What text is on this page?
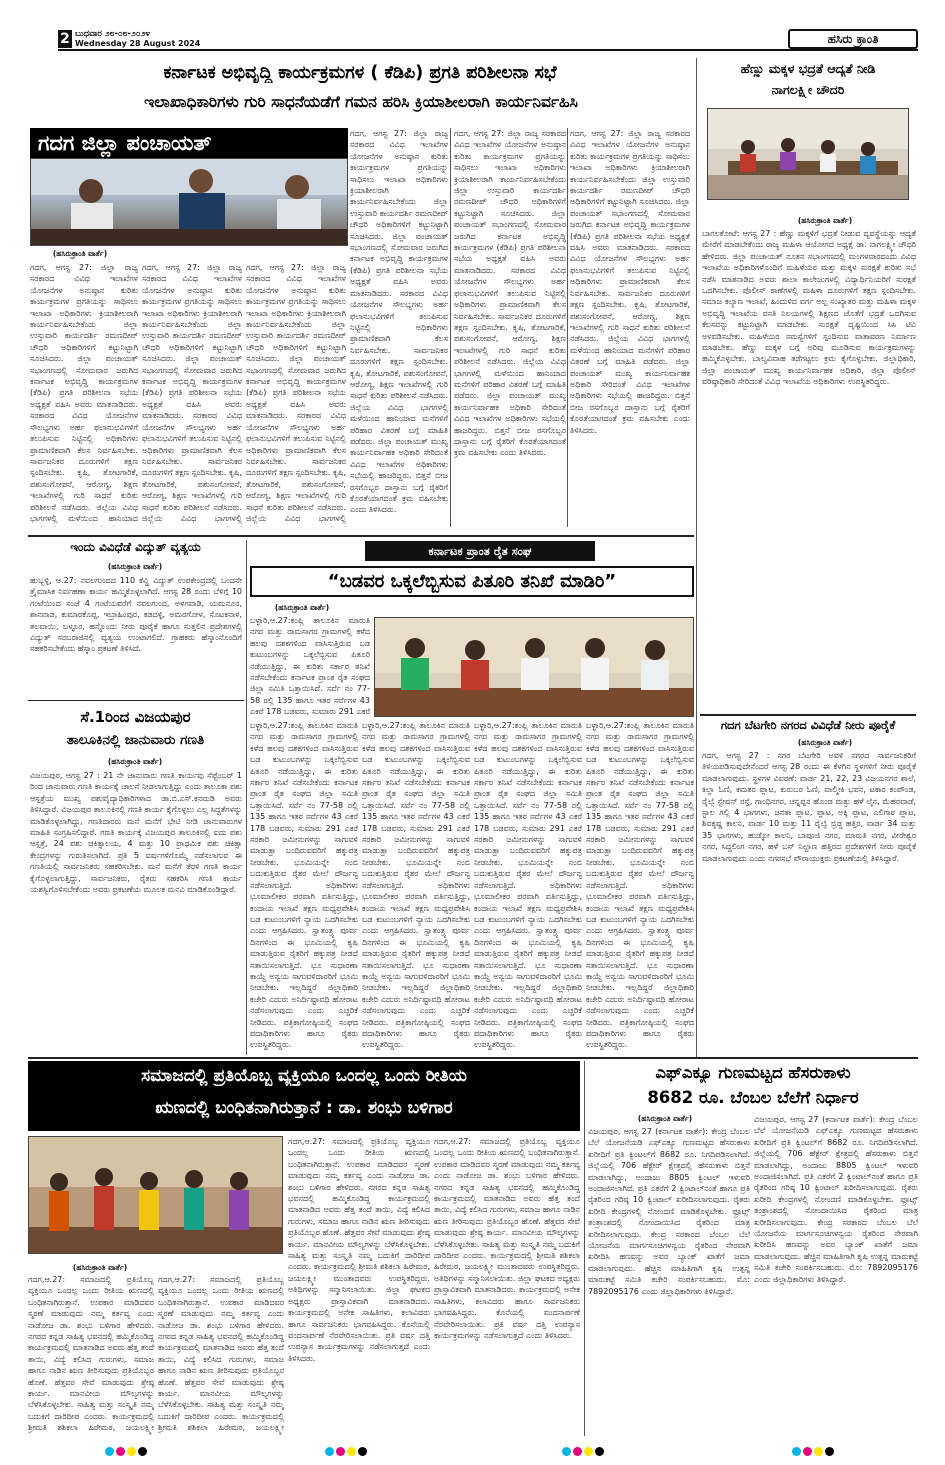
2 ಬುಧವಾರ ೨೮-೦೮-೨೦೨೪
Wednesday 28 August 2024	ಹಸಿರು ಕ್ರಾಂತಿ
ಕರ್ನಾಟಕ ಅಭಿವೃದ್ಧಿ ಕಾರ್ಯಕ್ರಮಗಳ ( ಕೆಡಿಪಿ) ಪ್ರಗತಿ ಪರಿಶೀಲನಾ ಸಭೆ
ಇಲಾಖಾಧಿಕಾರಿಗಳು ಗುರಿ ಸಾಧನೆಯಡೆಗೆ ಗಮನ ಹರಿಸಿ ಕ್ರಿಯಾಶೀಲರಾಗಿ ಕಾರ್ಯನಿರ್ವಹಿಸಿ
ಗದಗ ಜಿಲ್ಲಾ ಪಂಚಾಯತ್
(ಹಸಿರುಕ್ರಾಂತಿ ವಾರ್ತೆ)
ಗದಗ, ಆಗಸ್ಟ 27: ಜಿಲ್ಲಾ ರಾಜ್ಯ ಸರಕಾರದ ವಿವಿಧ ಇಲಾಖೆಗಳ ಯೋಜನೆಗಳ ಅನುಷ್ಠಾನ ಕುರಿತು ಕಾರ್ಯಕ್ರಮಗಳ ಪ್ರಗತಿಯನ್ನು ಸಾಧಿಸಲು ಇಲಾಖಾ ಅಧಿಕಾರಿಗಳು ಕ್ರಿಯಾಶೀಲರಾಗಿ ಕಾರ್ಯನಿರ್ವಹಿಸಬೇಕೆಂದು ಜಿಲ್ಲಾ ಉಸ್ತುವಾರಿ ಕಾರ್ಯದರ್ಶಿ ರಮಣದೀಪ್ ಚೌಧರಿ ಅಧಿಕಾರಿಗಳಿಗೆ ಕಟ್ಟುನಿಟ್ಟಾಗಿ ಸೂಚಿಸಿದರು. ಜಿಲ್ಲಾ ಪಂಚಾಯತ್ ಸಭಾಂಗಣದಲ್ಲಿ ಸೋಮವಾರ ಜರುಗಿದ ಕರ್ನಾಟಕ ಅಭಿವೃದ್ಧಿ ಕಾರ್ಯಕ್ರಮಗಳ (ಕೆಡಿಪಿ) ಪ್ರಗತಿ ಪರಿಶೀಲನಾ ಸಭೆಯ ಅಧ್ಯಕ್ಷತೆ ವಹಿಸಿ ಅವರು ಮಾತನಾಡಿದರು. ಸರಕಾರದ ವಿವಿಧ ಯೋಜನೆಗಳ ಸೌಲಭ್ಯಗಳು ಅರ್ಹ ಫಲಾನುಭವಿಗಳಿಗೆ ತಲುಪಿಸುವ ನಿಟ್ಟಿನಲ್ಲಿ ಅಧಿಕಾರಿಗಳು ಪ್ರಾಮಾಣಿಕವಾಗಿ ಕೆಲಸ ನಿರ್ವಹಿಸಬೇಕು. ಸಾರ್ವಜನಿಕರ ದೂರುಗಳಿಗೆ ತಕ್ಷಣ ಸ್ಪಂದಿಸಬೇಕು. ಕೃಷಿ, ತೋಟಗಾರಿಕೆ, ಪಶುಸಂಗೋಪನೆ, ಆರೋಗ್ಯ, ಶಿಕ್ಷಣ ಇಲಾಖೆಗಳಲ್ಲಿ ಗುರಿ ಸಾಧನೆ ಕುರಿತು ಪರಿಶೀಲನೆ ನಡೆಸಿದರು. ಜಿಲ್ಲೆಯ ವಿವಿಧ ಭಾಗಗಳಲ್ಲಿ ಮಳೆಯಿಂದ ಹಾನಿಯಾದ
ಗದಗ, ಆಗಸ್ಟ 27: ಜಿಲ್ಲಾ ರಾಜ್ಯ ಸರಕಾರದ ವಿವಿಧ ಇಲಾಖೆಗಳ ಯೋಜನೆಗಳ ಅನುಷ್ಠಾನ ಕುರಿತು ಕಾರ್ಯಕ್ರಮಗಳ ಪ್ರಗತಿಯನ್ನು ಸಾಧಿಸಲು ಇಲಾಖಾ ಅಧಿಕಾರಿಗಳು ಕ್ರಿಯಾಶೀಲರಾಗಿ ಕಾರ್ಯನಿರ್ವಹಿಸಬೇಕೆಂದು ಜಿಲ್ಲಾ ಉಸ್ತುವಾರಿ ಕಾರ್ಯದರ್ಶಿ ರಮಣದೀಪ್ ಚೌಧರಿ ಅಧಿಕಾರಿಗಳಿಗೆ ಕಟ್ಟುನಿಟ್ಟಾಗಿ ಸೂಚಿಸಿದರು. ಜಿಲ್ಲಾ ಪಂಚಾಯತ್ ಸಭಾಂಗಣದಲ್ಲಿ ಸೋಮವಾರ ಜರುಗಿದ ಕರ್ನಾಟಕ ಅಭಿವೃದ್ಧಿ ಕಾರ್ಯಕ್ರಮಗಳ (ಕೆಡಿಪಿ) ಪ್ರಗತಿ ಪರಿಶೀಲನಾ ಸಭೆಯ ಅಧ್ಯಕ್ಷತೆ ವಹಿಸಿ ಅವರು ಮಾತನಾಡಿದರು. ಸರಕಾರದ ವಿವಿಧ ಯೋಜನೆಗಳ ಸೌಲಭ್ಯಗಳು ಅರ್ಹ ಫಲಾನುಭವಿಗಳಿಗೆ ತಲುಪಿಸುವ ನಿಟ್ಟಿನಲ್ಲಿ ಅಧಿಕಾರಿಗಳು ಪ್ರಾಮಾಣಿಕವಾಗಿ ಕೆಲಸ ನಿರ್ವಹಿಸಬೇಕು. ಸಾರ್ವಜನಿಕರ ದೂರುಗಳಿಗೆ ತಕ್ಷಣ ಸ್ಪಂದಿಸಬೇಕು. ಕೃಷಿ, ತೋಟಗಾರಿಕೆ, ಪಶುಸಂಗೋಪನೆ, ಆರೋಗ್ಯ, ಶಿಕ್ಷಣ ಇಲಾಖೆಗಳಲ್ಲಿ ಗುರಿ ಸಾಧನೆ ಕುರಿತು ಪರಿಶೀಲನೆ ನಡೆಸಿದರು. ಜಿಲ್ಲೆಯ ವಿವಿಧ ಭಾಗಗಳಲ್ಲಿ
ಗದಗ, ಆಗಸ್ಟ 27: ಜಿಲ್ಲಾ ರಾಜ್ಯ ಸರಕಾರದ ವಿವಿಧ ಇಲಾಖೆಗಳ ಯೋಜನೆಗಳ ಅನುಷ್ಠಾನ ಕುರಿತು ಕಾರ್ಯಕ್ರಮಗಳ ಪ್ರಗತಿಯನ್ನು ಸಾಧಿಸಲು ಇಲಾಖಾ ಅಧಿಕಾರಿಗಳು ಕ್ರಿಯಾಶೀಲರಾಗಿ ಕಾರ್ಯನಿರ್ವಹಿಸಬೇಕೆಂದು ಜಿಲ್ಲಾ ಉಸ್ತುವಾರಿ ಕಾರ್ಯದರ್ಶಿ ರಮಣದೀಪ್ ಚೌಧರಿ ಅಧಿಕಾರಿಗಳಿಗೆ ಕಟ್ಟುನಿಟ್ಟಾಗಿ ಸೂಚಿಸಿದರು. ಜಿಲ್ಲಾ ಪಂಚಾಯತ್ ಸಭಾಂಗಣದಲ್ಲಿ ಸೋಮವಾರ ಜರುಗಿದ ಕರ್ನಾಟಕ ಅಭಿವೃದ್ಧಿ ಕಾರ್ಯಕ್ರಮಗಳ (ಕೆಡಿಪಿ) ಪ್ರಗತಿ ಪರಿಶೀಲನಾ ಸಭೆಯ ಅಧ್ಯಕ್ಷತೆ ವಹಿಸಿ ಅವರು ಮಾತನಾಡಿದರು. ಸರಕಾರದ ವಿವಿಧ ಯೋಜನೆಗಳ ಸೌಲಭ್ಯಗಳು ಅರ್ಹ ಫಲಾನುಭವಿಗಳಿಗೆ ತಲುಪಿಸುವ ನಿಟ್ಟಿನಲ್ಲಿ ಅಧಿಕಾರಿಗಳು ಪ್ರಾಮಾಣಿಕವಾಗಿ ಕೆಲಸ ನಿರ್ವಹಿಸಬೇಕು. ಸಾರ್ವಜನಿಕರ ದೂರುಗಳಿಗೆ ತಕ್ಷಣ ಸ್ಪಂದಿಸಬೇಕು. ಕೃಷಿ, ತೋಟಗಾರಿಕೆ, ಪಶುಸಂಗೋಪನೆ, ಆರೋಗ್ಯ, ಶಿಕ್ಷಣ ಇಲಾಖೆಗಳಲ್ಲಿ ಗುರಿ ಸಾಧನೆ ಕುರಿತು ಪರಿಶೀಲನೆ ನಡೆಸಿದರು. ಜಿಲ್ಲೆಯ ವಿವಿಧ ಭಾಗಗಳಲ್ಲಿ
ಗದಗ, ಆಗಸ್ಟ 27: ಜಿಲ್ಲಾ ರಾಜ್ಯ ಸರಕಾರದ ವಿವಿಧ ಇಲಾಖೆಗಳ ಯೋಜನೆಗಳ ಅನುಷ್ಠಾನ ಕುರಿತು ಕಾರ್ಯಕ್ರಮಗಳ ಪ್ರಗತಿಯನ್ನು ಸಾಧಿಸಲು ಇಲಾಖಾ ಅಧಿಕಾರಿಗಳು ಕ್ರಿಯಾಶೀಲರಾಗಿ ಕಾರ್ಯನಿರ್ವಹಿಸಬೇಕೆಂದು ಜಿಲ್ಲಾ ಉಸ್ತುವಾರಿ ಕಾರ್ಯದರ್ಶಿ ರಮಣದೀಪ್ ಚೌಧರಿ ಅಧಿಕಾರಿಗಳಿಗೆ ಕಟ್ಟುನಿಟ್ಟಾಗಿ ಸೂಚಿಸಿದರು. ಜಿಲ್ಲಾ ಪಂಚಾಯತ್ ಸಭಾಂಗಣದಲ್ಲಿ ಸೋಮವಾರ ಜರುಗಿದ ಕರ್ನಾಟಕ ಅಭಿವೃದ್ಧಿ ಕಾರ್ಯಕ್ರಮಗಳ (ಕೆಡಿಪಿ) ಪ್ರಗತಿ ಪರಿಶೀಲನಾ ಸಭೆಯ ಅಧ್ಯಕ್ಷತೆ ವಹಿಸಿ ಅವರು ಮಾತನಾಡಿದರು. ಸರಕಾರದ ವಿವಿಧ ಯೋಜನೆಗಳ ಸೌಲಭ್ಯಗಳು ಅರ್ಹ ಫಲಾನುಭವಿಗಳಿಗೆ ತಲುಪಿಸುವ ನಿಟ್ಟಿನಲ್ಲಿ ಅಧಿಕಾರಿಗಳು ಪ್ರಾಮಾಣಿಕವಾಗಿ ಕೆಲಸ ನಿರ್ವಹಿಸಬೇಕು. ಸಾರ್ವಜನಿಕರ ದೂರುಗಳಿಗೆ ತಕ್ಷಣ ಸ್ಪಂದಿಸಬೇಕು. ಕೃಷಿ, ತೋಟಗಾರಿಕೆ, ಪಶುಸಂಗೋಪನೆ, ಆರೋಗ್ಯ, ಶಿಕ್ಷಣ ಇಲಾಖೆಗಳಲ್ಲಿ ಗುರಿ ಸಾಧನೆ ಕುರಿತು ಪರಿಶೀಲನೆ ನಡೆಸಿದರು. ಜಿಲ್ಲೆಯ ವಿವಿಧ ಭಾಗಗಳಲ್ಲಿ ಮಳೆಯಿಂದ ಹಾನಿಯಾದ ಮನೆಗಳಿಗೆ ಪರಿಹಾರ ವಿತರಣೆ ಬಗ್ಗೆ ಮಾಹಿತಿ ಪಡೆದರು. ಜಿಲ್ಲಾ ಪಂಚಾಯತ್ ಮುಖ್ಯ ಕಾರ್ಯನಿರ್ವಾಹಕ ಅಧಿಕಾರಿ ಸೇರಿದಂತೆ ವಿವಿಧ ಇಲಾಖೆಗಳ ಅಧಿಕಾರಿಗಳು ಸಭೆಯಲ್ಲಿ ಹಾಜರಿದ್ದರು. ಬಿತ್ತನೆ ಬೀಜ ರಸಗೊಬ್ಬರ ದಾಸ್ತಾನು ಬಗ್ಗೆ ರೈತರಿಗೆ ಕೊರತೆಯಾಗದಂತೆ ಕ್ರಮ ವಹಿಸಬೇಕು ಎಂದು ತಿಳಿಸಿದರು.
ಗದಗ, ಆಗಸ್ಟ 27: ಜಿಲ್ಲಾ ರಾಜ್ಯ ಸರಕಾರದ ವಿವಿಧ ಇಲಾಖೆಗಳ ಯೋಜನೆಗಳ ಅನುಷ್ಠಾನ ಕುರಿತು ಕಾರ್ಯಕ್ರಮಗಳ ಪ್ರಗತಿಯನ್ನು ಸಾಧಿಸಲು ಇಲಾಖಾ ಅಧಿಕಾರಿಗಳು ಕ್ರಿಯಾಶೀಲರಾಗಿ ಕಾರ್ಯನಿರ್ವಹಿಸಬೇಕೆಂದು ಜಿಲ್ಲಾ ಉಸ್ತುವಾರಿ ಕಾರ್ಯದರ್ಶಿ ರಮಣದೀಪ್ ಚೌಧರಿ ಅಧಿಕಾರಿಗಳಿಗೆ ಕಟ್ಟುನಿಟ್ಟಾಗಿ ಸೂಚಿಸಿದರು. ಜಿಲ್ಲಾ ಪಂಚಾಯತ್ ಸಭಾಂಗಣದಲ್ಲಿ ಸೋಮವಾರ ಜರುಗಿದ ಕರ್ನಾಟಕ ಅಭಿವೃದ್ಧಿ ಕಾರ್ಯಕ್ರಮಗಳ (ಕೆಡಿಪಿ) ಪ್ರಗತಿ ಪರಿಶೀಲನಾ ಸಭೆಯ ಅಧ್ಯಕ್ಷತೆ ವಹಿಸಿ ಅವರು ಮಾತನಾಡಿದರು. ಸರಕಾರದ ವಿವಿಧ ಯೋಜನೆಗಳ ಸೌಲಭ್ಯಗಳು ಅರ್ಹ ಫಲಾನುಭವಿಗಳಿಗೆ ತಲುಪಿಸುವ ನಿಟ್ಟಿನಲ್ಲಿ ಅಧಿಕಾರಿಗಳು ಪ್ರಾಮಾಣಿಕವಾಗಿ ಕೆಲಸ ನಿರ್ವಹಿಸಬೇಕು. ಸಾರ್ವಜನಿಕರ ದೂರುಗಳಿಗೆ ತಕ್ಷಣ ಸ್ಪಂದಿಸಬೇಕು. ಕೃಷಿ, ತೋಟಗಾರಿಕೆ, ಪಶುಸಂಗೋಪನೆ, ಆರೋಗ್ಯ, ಶಿಕ್ಷಣ ಇಲಾಖೆಗಳಲ್ಲಿ ಗುರಿ ಸಾಧನೆ ಕುರಿತು ಪರಿಶೀಲನೆ ನಡೆಸಿದರು. ಜಿಲ್ಲೆಯ ವಿವಿಧ ಭಾಗಗಳಲ್ಲಿ ಮಳೆಯಿಂದ ಹಾನಿಯಾದ ಮನೆಗಳಿಗೆ ಪರಿಹಾರ ವಿತರಣೆ ಬಗ್ಗೆ ಮಾಹಿತಿ ಪಡೆದರು. ಜಿಲ್ಲಾ ಪಂಚಾಯತ್ ಮುಖ್ಯ ಕಾರ್ಯನಿರ್ವಾಹಕ ಅಧಿಕಾರಿ ಸೇರಿದಂತೆ ವಿವಿಧ ಇಲಾಖೆಗಳ ಅಧಿಕಾರಿಗಳು ಸಭೆಯಲ್ಲಿ ಹಾಜರಿದ್ದರು. ಬಿತ್ತನೆ ಬೀಜ ರಸಗೊಬ್ಬರ ದಾಸ್ತಾನು ಬಗ್ಗೆ ರೈತರಿಗೆ ಕೊರತೆಯಾಗದಂತೆ ಕ್ರಮ ವಹಿಸಬೇಕು ಎಂದು ತಿಳಿಸಿದರು.
ಗದಗ, ಆಗಸ್ಟ 27: ಜಿಲ್ಲಾ ರಾಜ್ಯ ಸರಕಾರದ ವಿವಿಧ ಇಲಾಖೆಗಳ ಯೋಜನೆಗಳ ಅನುಷ್ಠಾನ ಕುರಿತು ಕಾರ್ಯಕ್ರಮಗಳ ಪ್ರಗತಿಯನ್ನು ಸಾಧಿಸಲು ಇಲಾಖಾ ಅಧಿಕಾರಿಗಳು ಕ್ರಿಯಾಶೀಲರಾಗಿ ಕಾರ್ಯನಿರ್ವಹಿಸಬೇಕೆಂದು ಜಿಲ್ಲಾ ಉಸ್ತುವಾರಿ ಕಾರ್ಯದರ್ಶಿ ರಮಣದೀಪ್ ಚೌಧರಿ ಅಧಿಕಾರಿಗಳಿಗೆ ಕಟ್ಟುನಿಟ್ಟಾಗಿ ಸೂಚಿಸಿದರು. ಜಿಲ್ಲಾ ಪಂಚಾಯತ್ ಸಭಾಂಗಣದಲ್ಲಿ ಸೋಮವಾರ ಜರುಗಿದ ಕರ್ನಾಟಕ ಅಭಿವೃದ್ಧಿ ಕಾರ್ಯಕ್ರಮಗಳ (ಕೆಡಿಪಿ) ಪ್ರಗತಿ ಪರಿಶೀಲನಾ ಸಭೆಯ ಅಧ್ಯಕ್ಷತೆ ವಹಿಸಿ ಅವರು ಮಾತನಾಡಿದರು. ಸರಕಾರದ ವಿವಿಧ ಯೋಜನೆಗಳ ಸೌಲಭ್ಯಗಳು ಅರ್ಹ ಫಲಾನುಭವಿಗಳಿಗೆ ತಲುಪಿಸುವ ನಿಟ್ಟಿನಲ್ಲಿ ಅಧಿಕಾರಿಗಳು ಪ್ರಾಮಾಣಿಕವಾಗಿ ಕೆಲಸ ನಿರ್ವಹಿಸಬೇಕು. ಸಾರ್ವಜನಿಕರ ದೂರುಗಳಿಗೆ ತಕ್ಷಣ ಸ್ಪಂದಿಸಬೇಕು. ಕೃಷಿ, ತೋಟಗಾರಿಕೆ, ಪಶುಸಂಗೋಪನೆ, ಆರೋಗ್ಯ, ಶಿಕ್ಷಣ ಇಲಾಖೆಗಳಲ್ಲಿ ಗುರಿ ಸಾಧನೆ ಕುರಿತು ಪರಿಶೀಲನೆ ನಡೆಸಿದರು. ಜಿಲ್ಲೆಯ ವಿವಿಧ ಭಾಗಗಳಲ್ಲಿ ಮಳೆಯಿಂದ ಹಾನಿಯಾದ ಮನೆಗಳಿಗೆ ಪರಿಹಾರ ವಿತರಣೆ ಬಗ್ಗೆ ಮಾಹಿತಿ ಪಡೆದರು. ಜಿಲ್ಲಾ ಪಂಚಾಯತ್ ಮುಖ್ಯ ಕಾರ್ಯನಿರ್ವಾಹಕ ಅಧಿಕಾರಿ ಸೇರಿದಂತೆ ವಿವಿಧ ಇಲಾಖೆಗಳ ಅಧಿಕಾರಿಗಳು ಸಭೆಯಲ್ಲಿ ಹಾಜರಿದ್ದರು. ಬಿತ್ತನೆ ಬೀಜ ರಸಗೊಬ್ಬರ ದಾಸ್ತಾನು ಬಗ್ಗೆ ರೈತರಿಗೆ ಕೊರತೆಯಾಗದಂತೆ ಕ್ರಮ ವಹಿಸಬೇಕು ಎಂದು ತಿಳಿಸಿದರು.
ಹೆಣ್ಣು ಮಕ್ಕಳ ಭದ್ರತೆ ಆದ್ಯತೆ ನೀಡಿ
ನಾಗಲಕ್ಷ್ಮೀ ಚೌದರಿ
(ಹಸಿರುಕ್ರಾಂತಿ ವಾರ್ತೆ)
ಬಾಗಲಕೋಟೆ: ಆಗಸ್ಟ 27 : ಹೆಣ್ಣು ಮಕ್ಕಳಿಗೆ ಭದ್ರತೆ ನೀಡುವ ವ್ಯವಸ್ಥೆಯನ್ನು ಆದ್ಯತೆ ಮೇರೆಗೆ ಮಾಡಬೇಕೆಂದು ರಾಜ್ಯ ಮಹಿಳಾ ಆಯೋಗದ ಅಧ್ಯಕ್ಷೆ ಡಾ. ನಾಗಲಕ್ಷ್ಮೀ ಚೌಧರಿ ಹೇಳಿದರು. ಜಿಲ್ಲಾ ಪಂಚಾಯತ್ ನೂತನ ಸಭಾಂಗಣದಲ್ಲಿ ಮಂಗಳವಾರದಂದು ವಿವಿಧ ಇಲಾಖೆಯ ಅಧಿಕಾರಿಗಳೊಂದಿಗೆ ಮಹಿಳೆಯರ ಮತ್ತು ಮಕ್ಕಳ ಸುರಕ್ಷತೆ ಕುರಿತು ಸಭೆ ನಡೆಸಿ ಮಾತನಾಡಿದ ಅವರು ಶಾಲಾ ಕಾಲೇಜುಗಳಲ್ಲಿ ವಿದ್ಯಾರ್ಥಿನಿಯರಿಗೆ ಸುರಕ್ಷತೆ ಒದಗಿಸಬೇಕು. ಪೊಲೀಸ್ ಠಾಣೆಗಳಲ್ಲಿ ಮಹಿಳಾ ದೂರುಗಳಿಗೆ ತಕ್ಷಣ ಸ್ಪಂದಿಸಬೇಕು. ಸಮಾಜ ಕಲ್ಯಾಣ ಇಲಾಖೆ, ಹಿಂದುಳಿದ ವರ್ಗ ಅಲ್ಪ ಸಂಖ್ಯಾತರ ಮತ್ತು ಮಹಿಳಾ ಮಕ್ಕಳ ಅಭಿವೃದ್ಧಿ ಇಲಾಖೆಯ ವಸತಿ ನಿಲಯಗಳಲ್ಲಿ ಶಿಕ್ಷಣದ ಜೊತೆಗೆ ಭದ್ರತೆ ಒದಗಿಸುವ ಕೆಲಸವನ್ನು ಕಟ್ಟುನಿಟ್ಟಾಗಿ ಮಾಡಬೇಕು. ಸುರಕ್ಷತೆ ದೃಷ್ಟಿಯಿಂದ ಸಿಸಿ ಟಿವಿ ಅಳವಡಿಸಬೇಕು. ಮಹಿಳೆಯರ ಸಮಸ್ಯೆಗಳಿಗೆ ಸ್ಪಂದಿಸುವ ವಾತಾವರಣ ನಿರ್ಮಾಣ ಮಾಡಬೇಕು. ಹೆಣ್ಣು ಮಕ್ಕಳ ಬಗ್ಗೆ ಅರಿವು ಮೂಡಿಸುವ ಕಾರ್ಯಕ್ರಮಗಳನ್ನು ಹಮ್ಮಿಕೊಳ್ಳಬೇಕು. ಬಾಲ್ಯವಿವಾಹ ತಡೆಗಟ್ಟಲು ಕ್ರಮ ಕೈಗೊಳ್ಳಬೇಕು. ಜಿಲ್ಲಾಧಿಕಾರಿ, ಜಿಲ್ಲಾ ಪಂಚಾಯತ್ ಮುಖ್ಯ ಕಾರ್ಯನಿರ್ವಾಹಕ ಅಧಿಕಾರಿ, ಜಿಲ್ಲಾ ಪೊಲೀಸ್ ವರಿಷ್ಠಾಧಿಕಾರಿ ಸೇರಿದಂತೆ ವಿವಿಧ ಇಲಾಖೆಯ ಅಧಿಕಾರಿಗಳು ಉಪಸ್ಥಿತರಿದ್ದರು.
ಗದಗ ಬೆಟಗೇರಿ ನಗರದ ವಿವಿಧೆಡೆ ನೀರು ಪೂರೈಕೆ
(ಹಸಿರುಕ್ರಾಂತಿ ವಾರ್ತೆ)
ಗದಗ, ಆಗಸ್ಟ 27 : ನಗರ ಬೆಟಗೇರಿ ಅವಳಿ ನಗರದ ಸಾರ್ವಜನಿಕರಿಗೆ ತಿಳಿಯಪಡಿಸುವುದೇನೆಂದರೆ ಆಗಸ್ಟ 28 ರಂದು ಈ ಕೆಳಗಿನ ಸ್ಥಳಗಳಿಗೆ ನೀರು ಪೂರೈಕೆ ಮಾಡಲಾಗುವುದು. ಸ್ಥಳಗಳ ವಿವರಣೆ: ವಾರ್ಡ 21, 22, 23 ವಿಜಯನಗರ ಶಾಲೆ, ಕಿಲ್ಲಾ ಓಣಿ, ಕಮತರ ಪ್ಲಾಟ, ಕುರುಬರ ಓಣಿ, ವಾಲ್ಮೀಕಿ ಭವನ, ಟಕಾರ ಕಂಪೌಂಡ, ರೈಲ್ವೆ ಸ್ಟೇಷನ್ ರಸ್ತೆ, ಗಾಂಧಿನಗರ, ಚನ್ನಪ್ಪನ ಹೊಂಡ ಮತ್ತು ಹಳೆ ಲೈನ, ಮೆಹರವಾಡೆ, ಸ್ಟಾಲ ಗಲ್ಲಿ 4 ಭಾಗಗಳು, ಜನತಾ ಪ್ಲಾಟ, ಪ್ಲಾಟ, ಅಕ್ಕಿ ಪ್ಲಾಟ, ಎಲಿಗಾರ ಪ್ಲಾಟ, ಶಿವಕೃಷ್ಣ ಕಾಲನಿ, ವಾರ್ಡ 10 ಮತ್ತು 11 ರೈಲ್ವೆ ಬ್ರಿಡ್ಜ ಹತ್ತಿರ, ವಾರ್ಡ 34 ಮತ್ತು 35 ಭಾಗಗಳು, ಹುಡ್ಕೋ ಕಾಲನಿ, ಬಾಪೂಜಿ ನಗರ, ಮಾರುತಿ ನಗರ, ವೀರೇಶ್ವರ ನಗರ, ಸಿದ್ಧಲಿಂಗ ನಗರ, ಹಳೆ ಬಸ್ ನಿಲ್ದಾಣ ಹತ್ತಿರದ ಪ್ರದೇಶಗಳಿಗೆ ನೀರು ಪೂರೈಕೆ ಮಾಡಲಾಗುವುದು ಎಂದು ನಗರಸಭೆ ಪೌರಾಯುಕ್ತರು ಪ್ರಕಟಣೆಯಲ್ಲಿ ತಿಳಿಸಿದ್ದಾರೆ.
ಇಂದು ವಿವಿಧೆಡೆ ವಿದ್ಯುತ್ ವ್ಯತ್ಯಯ
(ಹಸಿರುಕ್ರಾಂತಿ ವಾರ್ತೆ)
ಹುಬ್ಬಳ್ಳಿ, ಆ.27: ನವಲಗುಂದದ 110 ಕೆವ್ಹಿ ವಿದ್ಯುತ್ ಉಪಕೇಂದ್ರದಲ್ಲಿ ಒಂದನೇ ತ್ರೈಮಾಸಿಕ ನಿರ್ವಹಣಾ ಕಾರ್ಯ ಹಮ್ಮಿಕೊಳ್ಳಲಾಗಿದೆ. ಆಗಸ್ಟ 28 ರಂದು ಬೆಳಿಗ್ಗೆ 10 ಗಂಟೆಯಿಂದ ಸಂಜೆ 4 ಗಂಟೆಯವರೆಗೆ ನವಲಗುಂದ, ಅಳಗವಾಡಿ, ಯಮನೂರ, ಶಾನವಾಡ, ಕುಮಾರಕೊಪ್ಪ, ಇಬ್ರಾಹಿಂಪುರ, ಕಡದಳ್ಳಿ, ಅಮರಗೋಳ, ಸೊಟಕನಾಳ, ತಲವಾಯಿ, ಬಳ್ಳೂರ, ಹನ್ನೊಂದು ನೀರು ಪೂರೈಕೆ ಹಾಗೂ ಸುತ್ತಲಿನ ಪ್ರದೇಶಗಳಲ್ಲಿ ವಿದ್ಯುತ್ ಸರಬರಾಜಿನಲ್ಲಿ ವ್ಯತ್ಯಯ ಉಂಟಾಗಲಿದೆ. ಗ್ರಾಹಕರು ಹೆಸ್ಕಾಂನೊಂದಿಗೆ ಸಹಕರಿಸಬೇಕೆಂದು ಹೆಸ್ಕಾಂ ಪ್ರಕಟಣೆ ತಿಳಿಸಿದೆ.
ಸೆ.1ರಿಂದ ವಿಜಯಪುರ
ತಾಲೂಕಿನಲ್ಲಿ ಜಾನುವಾರು ಗಣತಿ
(ಹಸಿರುಕ್ರಾಂತಿ ವಾರ್ತೆ)
ವಿಜಯಪುರ, ಆಗಸ್ಟ 27 : 21 ನೇ ಜಾನುವಾರು ಗಣತಿ ಕಾರ್ಯವು ಸೆಪ್ಟೆಂಬರ್ 1 ರಿಂದ ಜಾನುವಾರು ಗಣತಿ ಕಾರ್ಯಕ್ಕೆ ಚಾಲನೆ ನೀಡಲಾಗುತ್ತಿದ್ದು ಎಂದು ತಾಲೂಕಾ ಪಶು ಆಸ್ಪತ್ರೆಯ ಮುಖ್ಯ ಪಶುವೈದ್ಯಾಧಿಕಾರಿಗಳಾದ ಡಾ.ಬಿ.ಎಸ್.ಕನಮಡಿ ಅವರು ತಿಳಿಸಿದ್ದಾರೆ. ವಿಜಯಪುರ ತಾಲೂಕಿನಲ್ಲಿ ಗಣತಿ ಕಾರ್ಯ ಕೈಗೊಳ್ಳಲು ಎಲ್ಲ ಸಿದ್ಧತೆಗಳನ್ನು ಮಾಡಿಕೊಳ್ಳಲಾಗಿದ್ದು, ಗಣತಿದಾರರು ಮನೆ ಮನೆಗೆ ಭೇಟಿ ನೀಡಿ ಜಾನುವಾರುಗಳ ಮಾಹಿತಿ ಸಂಗ್ರಹಿಸಲಿದ್ದಾರೆ. ಗಣತಿ ಕಾರ್ಯಕ್ಕೆ ವಿಜಯಪುರ ತಾಲೂಕಿನಲ್ಲಿ ಐದು ಪಶು ಆಸ್ಪತ್ರೆ, 24 ಪಶು ಚಿಕಿತ್ಸಾಲಯ, 4 ಮತ್ತು 10 ಪ್ರಾಥಮಿಕ ಪಶು ಚಿಕಿತ್ಸಾ ಕೇಂದ್ರಗಳನ್ನು ಗುರುತಿಸಲಾಗಿದೆ. ಪ್ರತಿ 5 ವರ್ಷಗಳಿಗೊಮ್ಮೆ ನಡೆಸಲಾಗುವ ಈ ಗಣತಿಯಲ್ಲಿ ಸಾರ್ವಜನಿಕರು ಸಹಕರಿಸಬೇಕು. ಮನೆ ಮನೆಗೆ ತೆರಳಿ ಗಣತಿ ಕಾರ್ಯ ಕೈಗೊಳ್ಳಲಾಗುತ್ತಿದ್ದು, ಸಾರ್ವಜನಿಕರು, ರೈತರು ಸಹಕರಿಸಿ ಗಣತಿ ಕಾರ್ಯ ಯಶಸ್ವಿಗೊಳಿಸಬೇಕೆಂದು ಅವರು ಪ್ರಕಟಣೆಯ ಮೂಲಕ ಮನವಿ ಮಾಡಿಕೊಂಡಿದ್ದಾರೆ.
ಕರ್ನಾಟಕ ಪ್ರಾಂತ ರೈತ ಸಂಘ
“ಬಡವರ ಒಕ್ಕಲೆಬ್ಬಿಸುವ ಪಿತೂರಿ ತನಿಖೆ ಮಾಡಿರಿ”
(ಹಸಿರುಕ್ರಾಂತಿ ವಾರ್ತೆ)
ಬಳ್ಳಾರಿ,ಆ.27:ಕಂಪ್ಲಿ ತಾಲೂಕಿನ ಮಾರುತಿ ನಗರ ಮತ್ತು ರಾಮಸಾಗರ ಗ್ರಾಮಗಳಲ್ಲಿ ಕಳೆದ ಹಲವು ದಶಕಗಳಿಂದ ವಾಸಿಸುತ್ತಿರುವ ಬಡ ಕುಟುಂಬಗಳನ್ನು ಒಕ್ಕಲೆಬ್ಬಿಸುವ ಪಿತೂರಿ ನಡೆಯುತ್ತಿದ್ದು, ಈ ಕುರಿತು ಸರ್ಕಾರ ತನಿಖೆ ನಡೆಸಬೇಕೆಂದು ಕರ್ನಾಟಕ ಪ್ರಾಂತ ರೈತ ಸಂಘದ ಜಿಲ್ಲಾ ಸಮಿತಿ ಒತ್ತಾಯಿಸಿದೆ. ಸರ್ವೆ ನಂ 77-58 ರಲ್ಲಿ 135 ಹಾಗೂ ಇತರ ಸರ್ವೆಗಳ 43 ಎಕರೆ 178 ಬಡವರು, ಸುಮಾರು 291 ಎಕರೆ
ಬಳ್ಳಾರಿ,ಆ.27:ಕಂಪ್ಲಿ ತಾಲೂಕಿನ ಮಾರುತಿ ನಗರ ಮತ್ತು ರಾಮಸಾಗರ ಗ್ರಾಮಗಳಲ್ಲಿ ಕಳೆದ ಹಲವು ದಶಕಗಳಿಂದ ವಾಸಿಸುತ್ತಿರುವ ಬಡ ಕುಟುಂಬಗಳನ್ನು ಒಕ್ಕಲೆಬ್ಬಿಸುವ ಪಿತೂರಿ ನಡೆಯುತ್ತಿದ್ದು, ಈ ಕುರಿತು ಸರ್ಕಾರ ತನಿಖೆ ನಡೆಸಬೇಕೆಂದು ಕರ್ನಾಟಕ ಪ್ರಾಂತ ರೈತ ಸಂಘದ ಜಿಲ್ಲಾ ಸಮಿತಿ ಒತ್ತಾಯಿಸಿದೆ. ಸರ್ವೆ ನಂ 77-58 ರಲ್ಲಿ 135 ಹಾಗೂ ಇತರ ಸರ್ವೆಗಳ 43 ಎಕರೆ 178 ಬಡವರು, ಸುಮಾರು 291 ಎಕರೆ ಸರಕಾರಿ ಜಮೀನುಗಳನ್ನು ಸಾಗುವಳಿ ಮಾಡುತ್ತಾ ಬಂದಿರುವವರಿಗೆ ಹಕ್ಕುಪತ್ರ ನೀಡಬೇಕು. ಭೂಮಿಯನ್ನೇ ನಂಬಿ ಬದುಕುತ್ತಿರುವ ರೈತರ ಮೇಲೆ ದೌರ್ಜನ್ಯ ನಡೆಸಲಾಗುತ್ತಿದೆ. ಅಧಿಕಾರಿಗಳು ಭೂಮಾಲೀಕರ ಪರವಾಗಿ ವರ್ತಿಸುತ್ತಿದ್ದು, ಕಂದಾಯ ಇಲಾಖೆ ತಕ್ಷಣ ಮಧ್ಯಪ್ರವೇಶಿಸಿ ಬಡ ಕುಟುಂಬಗಳಿಗೆ ನ್ಯಾಯ ಒದಗಿಸಬೇಕು ಎಂದು ಆಗ್ರಹಿಸಿದರು. ಸ್ವಾತಂತ್ರ್ಯ ಪೂರ್ವ ದಿನಗಳಿಂದ ಈ ಭೂಮಿಯಲ್ಲಿ ಕೃಷಿ ಮಾಡುತ್ತಿರುವ ರೈತರಿಗೆ ಹಕ್ಕುಪತ್ರ ನೀಡದೆ ಸತಾಯಿಸಲಾಗುತ್ತಿದೆ. ಭೂ ಸುಧಾರಣಾ ಕಾಯ್ದೆ ಅನ್ವಯ ಸಾಗುವಳಿದಾರರಿಗೆ ಭೂಮಿ ನೀಡಬೇಕು. ಇಲ್ಲದಿದ್ದರೆ ಜಿಲ್ಲಾಧಿಕಾರಿ ಕಚೇರಿ ಎದುರು ಅನಿರ್ದಿಷ್ಟಾವಧಿ ಹೋರಾಟ ನಡೆಸಲಾಗುವುದು ಎಂದು ಎಚ್ಚರಿಕೆ ನೀಡಿದರು. ಪತ್ರಿಕಾಗೋಷ್ಠಿಯಲ್ಲಿ ಸಂಘದ ಪದಾಧಿಕಾರಿಗಳು ಹಾಗೂ ರೈತರು ಉಪಸ್ಥಿತರಿದ್ದರು.
ಬಳ್ಳಾರಿ,ಆ.27:ಕಂಪ್ಲಿ ತಾಲೂಕಿನ ಮಾರುತಿ ನಗರ ಮತ್ತು ರಾಮಸಾಗರ ಗ್ರಾಮಗಳಲ್ಲಿ ಕಳೆದ ಹಲವು ದಶಕಗಳಿಂದ ವಾಸಿಸುತ್ತಿರುವ ಬಡ ಕುಟುಂಬಗಳನ್ನು ಒಕ್ಕಲೆಬ್ಬಿಸುವ ಪಿತೂರಿ ನಡೆಯುತ್ತಿದ್ದು, ಈ ಕುರಿತು ಸರ್ಕಾರ ತನಿಖೆ ನಡೆಸಬೇಕೆಂದು ಕರ್ನಾಟಕ ಪ್ರಾಂತ ರೈತ ಸಂಘದ ಜಿಲ್ಲಾ ಸಮಿತಿ ಒತ್ತಾಯಿಸಿದೆ. ಸರ್ವೆ ನಂ 77-58 ರಲ್ಲಿ 135 ಹಾಗೂ ಇತರ ಸರ್ವೆಗಳ 43 ಎಕರೆ 178 ಬಡವರು, ಸುಮಾರು 291 ಎಕರೆ ಸರಕಾರಿ ಜಮೀನುಗಳನ್ನು ಸಾಗುವಳಿ ಮಾಡುತ್ತಾ ಬಂದಿರುವವರಿಗೆ ಹಕ್ಕುಪತ್ರ ನೀಡಬೇಕು. ಭೂಮಿಯನ್ನೇ ನಂಬಿ ಬದುಕುತ್ತಿರುವ ರೈತರ ಮೇಲೆ ದೌರ್ಜನ್ಯ ನಡೆಸಲಾಗುತ್ತಿದೆ. ಅಧಿಕಾರಿಗಳು ಭೂಮಾಲೀಕರ ಪರವಾಗಿ ವರ್ತಿಸುತ್ತಿದ್ದು, ಕಂದಾಯ ಇಲಾಖೆ ತಕ್ಷಣ ಮಧ್ಯಪ್ರವೇಶಿಸಿ ಬಡ ಕುಟುಂಬಗಳಿಗೆ ನ್ಯಾಯ ಒದಗಿಸಬೇಕು ಎಂದು ಆಗ್ರಹಿಸಿದರು. ಸ್ವಾತಂತ್ರ್ಯ ಪೂರ್ವ ದಿನಗಳಿಂದ ಈ ಭೂಮಿಯಲ್ಲಿ ಕೃಷಿ ಮಾಡುತ್ತಿರುವ ರೈತರಿಗೆ ಹಕ್ಕುಪತ್ರ ನೀಡದೆ ಸತಾಯಿಸಲಾಗುತ್ತಿದೆ. ಭೂ ಸುಧಾರಣಾ ಕಾಯ್ದೆ ಅನ್ವಯ ಸಾಗುವಳಿದಾರರಿಗೆ ಭೂಮಿ ನೀಡಬೇಕು. ಇಲ್ಲದಿದ್ದರೆ ಜಿಲ್ಲಾಧಿಕಾರಿ ಕಚೇರಿ ಎದುರು ಅನಿರ್ದಿಷ್ಟಾವಧಿ ಹೋರಾಟ ನಡೆಸಲಾಗುವುದು ಎಂದು ಎಚ್ಚರಿಕೆ ನೀಡಿದರು. ಪತ್ರಿಕಾಗೋಷ್ಠಿಯಲ್ಲಿ ಸಂಘದ ಪದಾಧಿಕಾರಿಗಳು ಹಾಗೂ ರೈತರು ಉಪಸ್ಥಿತರಿದ್ದರು.
ಬಳ್ಳಾರಿ,ಆ.27:ಕಂಪ್ಲಿ ತಾಲೂಕಿನ ಮಾರುತಿ ನಗರ ಮತ್ತು ರಾಮಸಾಗರ ಗ್ರಾಮಗಳಲ್ಲಿ ಕಳೆದ ಹಲವು ದಶಕಗಳಿಂದ ವಾಸಿಸುತ್ತಿರುವ ಬಡ ಕುಟುಂಬಗಳನ್ನು ಒಕ್ಕಲೆಬ್ಬಿಸುವ ಪಿತೂರಿ ನಡೆಯುತ್ತಿದ್ದು, ಈ ಕುರಿತು ಸರ್ಕಾರ ತನಿಖೆ ನಡೆಸಬೇಕೆಂದು ಕರ್ನಾಟಕ ಪ್ರಾಂತ ರೈತ ಸಂಘದ ಜಿಲ್ಲಾ ಸಮಿತಿ ಒತ್ತಾಯಿಸಿದೆ. ಸರ್ವೆ ನಂ 77-58 ರಲ್ಲಿ 135 ಹಾಗೂ ಇತರ ಸರ್ವೆಗಳ 43 ಎಕರೆ 178 ಬಡವರು, ಸುಮಾರು 291 ಎಕರೆ ಸರಕಾರಿ ಜಮೀನುಗಳನ್ನು ಸಾಗುವಳಿ ಮಾಡುತ್ತಾ ಬಂದಿರುವವರಿಗೆ ಹಕ್ಕುಪತ್ರ ನೀಡಬೇಕು. ಭೂಮಿಯನ್ನೇ ನಂಬಿ ಬದುಕುತ್ತಿರುವ ರೈತರ ಮೇಲೆ ದೌರ್ಜನ್ಯ ನಡೆಸಲಾಗುತ್ತಿದೆ. ಅಧಿಕಾರಿಗಳು ಭೂಮಾಲೀಕರ ಪರವಾಗಿ ವರ್ತಿಸುತ್ತಿದ್ದು, ಕಂದಾಯ ಇಲಾಖೆ ತಕ್ಷಣ ಮಧ್ಯಪ್ರವೇಶಿಸಿ ಬಡ ಕುಟುಂಬಗಳಿಗೆ ನ್ಯಾಯ ಒದಗಿಸಬೇಕು ಎಂದು ಆಗ್ರಹಿಸಿದರು. ಸ್ವಾತಂತ್ರ್ಯ ಪೂರ್ವ ದಿನಗಳಿಂದ ಈ ಭೂಮಿಯಲ್ಲಿ ಕೃಷಿ ಮಾಡುತ್ತಿರುವ ರೈತರಿಗೆ ಹಕ್ಕುಪತ್ರ ನೀಡದೆ ಸತಾಯಿಸಲಾಗುತ್ತಿದೆ. ಭೂ ಸುಧಾರಣಾ ಕಾಯ್ದೆ ಅನ್ವಯ ಸಾಗುವಳಿದಾರರಿಗೆ ಭೂಮಿ ನೀಡಬೇಕು. ಇಲ್ಲದಿದ್ದರೆ ಜಿಲ್ಲಾಧಿಕಾರಿ ಕಚೇರಿ ಎದುರು ಅನಿರ್ದಿಷ್ಟಾವಧಿ ಹೋರಾಟ ನಡೆಸಲಾಗುವುದು ಎಂದು ಎಚ್ಚರಿಕೆ ನೀಡಿದರು. ಪತ್ರಿಕಾಗೋಷ್ಠಿಯಲ್ಲಿ ಸಂಘದ ಪದಾಧಿಕಾರಿಗಳು ಹಾಗೂ ರೈತರು ಉಪಸ್ಥಿತರಿದ್ದರು.
ಬಳ್ಳಾರಿ,ಆ.27:ಕಂಪ್ಲಿ ತಾಲೂಕಿನ ಮಾರುತಿ ನಗರ ಮತ್ತು ರಾಮಸಾಗರ ಗ್ರಾಮಗಳಲ್ಲಿ ಕಳೆದ ಹಲವು ದಶಕಗಳಿಂದ ವಾಸಿಸುತ್ತಿರುವ ಬಡ ಕುಟುಂಬಗಳನ್ನು ಒಕ್ಕಲೆಬ್ಬಿಸುವ ಪಿತೂರಿ ನಡೆಯುತ್ತಿದ್ದು, ಈ ಕುರಿತು ಸರ್ಕಾರ ತನಿಖೆ ನಡೆಸಬೇಕೆಂದು ಕರ್ನಾಟಕ ಪ್ರಾಂತ ರೈತ ಸಂಘದ ಜಿಲ್ಲಾ ಸಮಿತಿ ಒತ್ತಾಯಿಸಿದೆ. ಸರ್ವೆ ನಂ 77-58 ರಲ್ಲಿ 135 ಹಾಗೂ ಇತರ ಸರ್ವೆಗಳ 43 ಎಕರೆ 178 ಬಡವರು, ಸುಮಾರು 291 ಎಕರೆ ಸರಕಾರಿ ಜಮೀನುಗಳನ್ನು ಸಾಗುವಳಿ ಮಾಡುತ್ತಾ ಬಂದಿರುವವರಿಗೆ ಹಕ್ಕುಪತ್ರ ನೀಡಬೇಕು. ಭೂಮಿಯನ್ನೇ ನಂಬಿ ಬದುಕುತ್ತಿರುವ ರೈತರ ಮೇಲೆ ದೌರ್ಜನ್ಯ ನಡೆಸಲಾಗುತ್ತಿದೆ. ಅಧಿಕಾರಿಗಳು ಭೂಮಾಲೀಕರ ಪರವಾಗಿ ವರ್ತಿಸುತ್ತಿದ್ದು, ಕಂದಾಯ ಇಲಾಖೆ ತಕ್ಷಣ ಮಧ್ಯಪ್ರವೇಶಿಸಿ ಬಡ ಕುಟುಂಬಗಳಿಗೆ ನ್ಯಾಯ ಒದಗಿಸಬೇಕು ಎಂದು ಆಗ್ರಹಿಸಿದರು. ಸ್ವಾತಂತ್ರ್ಯ ಪೂರ್ವ ದಿನಗಳಿಂದ ಈ ಭೂಮಿಯಲ್ಲಿ ಕೃಷಿ ಮಾಡುತ್ತಿರುವ ರೈತರಿಗೆ ಹಕ್ಕುಪತ್ರ ನೀಡದೆ ಸತಾಯಿಸಲಾಗುತ್ತಿದೆ. ಭೂ ಸುಧಾರಣಾ ಕಾಯ್ದೆ ಅನ್ವಯ ಸಾಗುವಳಿದಾರರಿಗೆ ಭೂಮಿ ನೀಡಬೇಕು. ಇಲ್ಲದಿದ್ದರೆ ಜಿಲ್ಲಾಧಿಕಾರಿ ಕಚೇರಿ ಎದುರು ಅನಿರ್ದಿಷ್ಟಾವಧಿ ಹೋರಾಟ ನಡೆಸಲಾಗುವುದು ಎಂದು ಎಚ್ಚರಿಕೆ ನೀಡಿದರು. ಪತ್ರಿಕಾಗೋಷ್ಠಿಯಲ್ಲಿ ಸಂಘದ ಪದಾಧಿಕಾರಿಗಳು ಹಾಗೂ ರೈತರು ಉಪಸ್ಥಿತರಿದ್ದರು.
ಸಮಾಜದಲ್ಲಿ ಪ್ರತಿಯೊಬ್ಬ ವ್ಯಕ್ತಿಯೂ ಒಂದಲ್ಲ ಒಂದು ರೀತಿಯ
ಋಣದಲ್ಲಿ ಬಂಧಿತನಾಗಿರುತ್ತಾನೆ : ಡಾ. ಶಂಭು ಬಳಿಗಾರ
(ಹಸಿರುಕ್ರಾಂತಿ ವಾರ್ತೆ)
ಗದಗ,ಆ.27: ಸಮಾಜದಲ್ಲಿ ಪ್ರತಿಯೊಬ್ಬ ವ್ಯಕ್ತಿಯೂ ಒಂದಲ್ಲ ಒಂದು ರೀತಿಯ ಋಣದಲ್ಲಿ ಬಂಧಿತನಾಗಿರುತ್ತಾನೆ. ಉಪಕಾರ ಮಾಡಿದವರ ಸ್ಮರಣೆ ಮಾಡುವುದು ನಮ್ಮ ಕರ್ತವ್ಯ ಎಂದು ನಾಡೋಜ ಡಾ. ಶಂಭು ಬಳಿಗಾರ ಹೇಳಿದರು. ನಗರದ ಕನ್ನಡ ಸಾಹಿತ್ಯ ಭವನದಲ್ಲಿ ಹಮ್ಮಿಕೊಂಡಿದ್ದ ಕಾರ್ಯಕ್ರಮದಲ್ಲಿ ಮಾತನಾಡಿದ ಅವರು ಹೆತ್ತ ತಂದೆ ತಾಯಿ, ವಿದ್ಯೆ ಕಲಿಸಿದ ಗುರುಗಳು, ಸಮಾಜ ಹಾಗೂ ನಾಡಿನ ಋಣ ತೀರಿಸುವುದು ಪ್ರತಿಯೊಬ್ಬರ ಹೊಣೆ. ಹೆತ್ತವರ ಸೇವೆ ಮಾಡುವುದು ಶ್ರೇಷ್ಠ ಕಾರ್ಯ. ಮಾನವೀಯ ಮೌಲ್ಯಗಳನ್ನು ಬೆಳೆಸಿಕೊಳ್ಳಬೇಕು. ಸಾಹಿತ್ಯ ಮತ್ತು ಸಂಸ್ಕೃತಿ ನಮ್ಮ ಬದುಕಿಗೆ ದಾರಿದೀಪ ಎಂದರು. ಕಾರ್ಯಕ್ರಮದಲ್ಲಿ ಶ್ರೀಮತಿ ಶಶಿಕಲಾ ಹಿರೇಮಠ, ಜಯಲಕ್ಷ್ಮೀ
ಗದಗ,ಆ.27: ಸಮಾಜದಲ್ಲಿ ಪ್ರತಿಯೊಬ್ಬ ವ್ಯಕ್ತಿಯೂ ಒಂದಲ್ಲ ಒಂದು ರೀತಿಯ ಋಣದಲ್ಲಿ ಬಂಧಿತನಾಗಿರುತ್ತಾನೆ. ಉಪಕಾರ ಮಾಡಿದವರ ಸ್ಮರಣೆ ಮಾಡುವುದು ನಮ್ಮ ಕರ್ತವ್ಯ ಎಂದು ನಾಡೋಜ ಡಾ. ಶಂಭು ಬಳಿಗಾರ ಹೇಳಿದರು. ನಗರದ ಕನ್ನಡ ಸಾಹಿತ್ಯ ಭವನದಲ್ಲಿ ಹಮ್ಮಿಕೊಂಡಿದ್ದ ಕಾರ್ಯಕ್ರಮದಲ್ಲಿ ಮಾತನಾಡಿದ ಅವರು ಹೆತ್ತ ತಂದೆ ತಾಯಿ, ವಿದ್ಯೆ ಕಲಿಸಿದ ಗುರುಗಳು, ಸಮಾಜ ಹಾಗೂ ನಾಡಿನ ಋಣ ತೀರಿಸುವುದು ಪ್ರತಿಯೊಬ್ಬರ ಹೊಣೆ. ಹೆತ್ತವರ ಸೇವೆ ಮಾಡುವುದು ಶ್ರೇಷ್ಠ ಕಾರ್ಯ. ಮಾನವೀಯ ಮೌಲ್ಯಗಳನ್ನು ಬೆಳೆಸಿಕೊಳ್ಳಬೇಕು. ಸಾಹಿತ್ಯ ಮತ್ತು ಸಂಸ್ಕೃತಿ ನಮ್ಮ ಬದುಕಿಗೆ ದಾರಿದೀಪ ಎಂದರು. ಕಾರ್ಯಕ್ರಮದಲ್ಲಿ ಶ್ರೀಮತಿ ಶಶಿಕಲಾ ಹಿರೇಮಠ, ಜಯಲಕ್ಷ್ಮೀ
ಗದಗ,ಆ.27: ಸಮಾಜದಲ್ಲಿ ಪ್ರತಿಯೊಬ್ಬ ವ್ಯಕ್ತಿಯೂ ಒಂದಲ್ಲ ಒಂದು ರೀತಿಯ ಋಣದಲ್ಲಿ ಬಂಧಿತನಾಗಿರುತ್ತಾನೆ. ಉಪಕಾರ ಮಾಡಿದವರ ಸ್ಮರಣೆ ಮಾಡುವುದು ನಮ್ಮ ಕರ್ತವ್ಯ ಎಂದು ನಾಡೋಜ ಡಾ. ಶಂಭು ಬಳಿಗಾರ ಹೇಳಿದರು. ನಗರದ ಕನ್ನಡ ಸಾಹಿತ್ಯ ಭವನದಲ್ಲಿ ಹಮ್ಮಿಕೊಂಡಿದ್ದ ಕಾರ್ಯಕ್ರಮದಲ್ಲಿ ಮಾತನಾಡಿದ ಅವರು ಹೆತ್ತ ತಂದೆ ತಾಯಿ, ವಿದ್ಯೆ ಕಲಿಸಿದ ಗುರುಗಳು, ಸಮಾಜ ಹಾಗೂ ನಾಡಿನ ಋಣ ತೀರಿಸುವುದು ಪ್ರತಿಯೊಬ್ಬರ ಹೊಣೆ. ಹೆತ್ತವರ ಸೇವೆ ಮಾಡುವುದು ಶ್ರೇಷ್ಠ ಕಾರ್ಯ. ಮಾನವೀಯ ಮೌಲ್ಯಗಳನ್ನು ಬೆಳೆಸಿಕೊಳ್ಳಬೇಕು. ಸಾಹಿತ್ಯ ಮತ್ತು ಸಂಸ್ಕೃತಿ ನಮ್ಮ ಬದುಕಿಗೆ ದಾರಿದೀಪ ಎಂದರು. ಕಾರ್ಯಕ್ರಮದಲ್ಲಿ ಶ್ರೀಮತಿ ಶಶಿಕಲಾ ಹಿರೇಮಠ, ಜಯಲಕ್ಷ್ಮೀ ಮುಂತಾದವರು ಉಪಸ್ಥಿತರಿದ್ದರು. ಅತಿಥಿಗಳನ್ನು ಸನ್ಮಾನಿಸಲಾಯಿತು. ಜಿಲ್ಲಾ ಘಟಕದ ಅಧ್ಯಕ್ಷರು ಪ್ರಾಸ್ತಾವಿಕವಾಗಿ ಮಾತನಾಡಿದರು. ಕಾರ್ಯಕ್ರಮದಲ್ಲಿ ಅನೇಕ ಸಾಹಿತಿಗಳು, ಕಲಾವಿದರು ಹಾಗೂ ಸಾರ್ವಜನಿಕರು ಭಾಗವಹಿಸಿದ್ದರು. ಕೊನೆಯಲ್ಲಿ ವಂದನಾರ್ಪಣೆ ನೆರವೇರಿಸಲಾಯಿತು. ಪ್ರತಿ ವರ್ಷ ದತ್ತಿ ಉಪನ್ಯಾಸ ಕಾರ್ಯಕ್ರಮಗಳನ್ನು ನಡೆಸಲಾಗುತ್ತದೆ ಎಂದು ತಿಳಿಸಿದರು.
ಗದಗ,ಆ.27: ಸಮಾಜದಲ್ಲಿ ಪ್ರತಿಯೊಬ್ಬ ವ್ಯಕ್ತಿಯೂ ಒಂದಲ್ಲ ಒಂದು ರೀತಿಯ ಋಣದಲ್ಲಿ ಬಂಧಿತನಾಗಿರುತ್ತಾನೆ. ಉಪಕಾರ ಮಾಡಿದವರ ಸ್ಮರಣೆ ಮಾಡುವುದು ನಮ್ಮ ಕರ್ತವ್ಯ ಎಂದು ನಾಡೋಜ ಡಾ. ಶಂಭು ಬಳಿಗಾರ ಹೇಳಿದರು. ನಗರದ ಕನ್ನಡ ಸಾಹಿತ್ಯ ಭವನದಲ್ಲಿ ಹಮ್ಮಿಕೊಂಡಿದ್ದ ಕಾರ್ಯಕ್ರಮದಲ್ಲಿ ಮಾತನಾಡಿದ ಅವರು ಹೆತ್ತ ತಂದೆ ತಾಯಿ, ವಿದ್ಯೆ ಕಲಿಸಿದ ಗುರುಗಳು, ಸಮಾಜ ಹಾಗೂ ನಾಡಿನ ಋಣ ತೀರಿಸುವುದು ಪ್ರತಿಯೊಬ್ಬರ ಹೊಣೆ. ಹೆತ್ತವರ ಸೇವೆ ಮಾಡುವುದು ಶ್ರೇಷ್ಠ ಕಾರ್ಯ. ಮಾನವೀಯ ಮೌಲ್ಯಗಳನ್ನು ಬೆಳೆಸಿಕೊಳ್ಳಬೇಕು. ಸಾಹಿತ್ಯ ಮತ್ತು ಸಂಸ್ಕೃತಿ ನಮ್ಮ ಬದುಕಿಗೆ ದಾರಿದೀಪ ಎಂದರು. ಕಾರ್ಯಕ್ರಮದಲ್ಲಿ ಶ್ರೀಮತಿ ಶಶಿಕಲಾ ಹಿರೇಮಠ, ಜಯಲಕ್ಷ್ಮೀ ಮುಂತಾದವರು ಉಪಸ್ಥಿತರಿದ್ದರು. ಅತಿಥಿಗಳನ್ನು ಸನ್ಮಾನಿಸಲಾಯಿತು. ಜಿಲ್ಲಾ ಘಟಕದ ಅಧ್ಯಕ್ಷರು ಪ್ರಾಸ್ತಾವಿಕವಾಗಿ ಮಾತನಾಡಿದರು. ಕಾರ್ಯಕ್ರಮದಲ್ಲಿ ಅನೇಕ ಸಾಹಿತಿಗಳು, ಕಲಾವಿದರು ಹಾಗೂ ಸಾರ್ವಜನಿಕರು ಭಾಗವಹಿಸಿದ್ದರು. ಕೊನೆಯಲ್ಲಿ ವಂದನಾರ್ಪಣೆ ನೆರವೇರಿಸಲಾಯಿತು. ಪ್ರತಿ ವರ್ಷ ದತ್ತಿ ಉಪನ್ಯಾಸ ಕಾರ್ಯಕ್ರಮಗಳನ್ನು ನಡೆಸಲಾಗುತ್ತದೆ ಎಂದು ತಿಳಿಸಿದರು.
ಎಫ್‌ಎಕ್ಯೂ ಗುಣಮಟ್ಟದ ಹೆಸರುಕಾಳು
8682 ರೂ. ಬೆಂಬಲ ಬೆಲೆಗೆ ನಿರ್ಧಾರ
(ಹಸಿರುಕ್ರಾಂತಿ ವಾರ್ತೆ)
ವಿಜಯಪುರ, ಆಗಸ್ಟ 27 (ಕರ್ನಾಟಕ ವಾರ್ತೆ): ಕೇಂದ್ರ ಬೆಂಬಲ ಬೆಲೆ ಯೋಜನೆಯಡಿ ಎಫ್‌ಎಕ್ಯೂ ಗುಣಮಟ್ಟದ ಹೆಸರುಕಾಳು ಖರೀದಿಗೆ ಪ್ರತಿ ಕ್ವಿಂಟಲ್‌ಗೆ 8682 ರೂ. ನಿಗದಿಪಡಿಸಲಾಗಿದೆ. ಜಿಲ್ಲೆಯಲ್ಲಿ 706 ಹೆಕ್ಟೇರ್ ಕ್ಷೇತ್ರದಲ್ಲಿ ಹೆಸರುಕಾಳು ಬಿತ್ತನೆ ಮಾಡಲಾಗಿದ್ದು, ಅಂದಾಜು 8805 ಕ್ವಿಂಟಲ್ ಇಳುವರಿ ಅಂದಾಜಿಸಲಾಗಿದೆ. ಪ್ರತಿ ಎಕರೆಗೆ 2 ಕ್ವಿಂಟಾಲ್‌ನಂತೆ ಹಾಗೂ ಪ್ರತಿ ರೈತರಿಂದ ಗರಿಷ್ಠ 10 ಕ್ವಿಂಟಾಲ್ ಖರೀದಿಸಲಾಗುವುದು. ರೈತರು ಖರೀದಿ ಕೇಂದ್ರಗಳಲ್ಲಿ ನೋಂದಣಿ ಮಾಡಿಕೊಳ್ಳಬೇಕು. ಫ್ರೂಟ್ಸ್ ತಂತ್ರಾಂಶದಲ್ಲಿ ನೋಂದಾಯಿಸಿದ ರೈತರಿಂದ ಮಾತ್ರ ಖರೀದಿಸಲಾಗುವುದು. ಕೇಂದ್ರ ಸರಕಾರದ ಬೆಂಬಲ ಬೆಲೆ ಯೋಜನೆಯ ಮಾರ್ಗಸೂಚಿಗಳನ್ವಯ ರೈತರಿಂದ ನೇರವಾಗಿ ಖರೀದಿಸಿ ಹಣವನ್ನು ಅವರ ಬ್ಯಾಂಕ್ ಖಾತೆಗೆ ಜಮಾ ಮಾಡಲಾಗುವುದು. ಹೆಚ್ಚಿನ ಮಾಹಿತಿಗಾಗಿ ಕೃಷಿ ಉತ್ಪನ್ನ ಮಾರುಕಟ್ಟೆ ಸಮಿತಿ ಕಚೇರಿ ಸಂಪರ್ಕಿಸಬಹುದು. ಮೊ: 7892095176 ಎಂದು ಜಿಲ್ಲಾಧಿಕಾರಿಗಳು ತಿಳಿಸಿದ್ದಾರೆ.
ವಿಜಯಪುರ, ಆಗಸ್ಟ 27 (ಕರ್ನಾಟಕ ವಾರ್ತೆ): ಕೇಂದ್ರ ಬೆಂಬಲ ಬೆಲೆ ಯೋಜನೆಯಡಿ ಎಫ್‌ಎಕ್ಯೂ ಗುಣಮಟ್ಟದ ಹೆಸರುಕಾಳು ಖರೀದಿಗೆ ಪ್ರತಿ ಕ್ವಿಂಟಲ್‌ಗೆ 8682 ರೂ. ನಿಗದಿಪಡಿಸಲಾಗಿದೆ. ಜಿಲ್ಲೆಯಲ್ಲಿ 706 ಹೆಕ್ಟೇರ್ ಕ್ಷೇತ್ರದಲ್ಲಿ ಹೆಸರುಕಾಳು ಬಿತ್ತನೆ ಮಾಡಲಾಗಿದ್ದು, ಅಂದಾಜು 8805 ಕ್ವಿಂಟಲ್ ಇಳುವರಿ ಅಂದಾಜಿಸಲಾಗಿದೆ. ಪ್ರತಿ ಎಕರೆಗೆ 2 ಕ್ವಿಂಟಾಲ್‌ನಂತೆ ಹಾಗೂ ಪ್ರತಿ ರೈತರಿಂದ ಗರಿಷ್ಠ 10 ಕ್ವಿಂಟಾಲ್ ಖರೀದಿಸಲಾಗುವುದು. ರೈತರು ಖರೀದಿ ಕೇಂದ್ರಗಳಲ್ಲಿ ನೋಂದಣಿ ಮಾಡಿಕೊಳ್ಳಬೇಕು. ಫ್ರೂಟ್ಸ್ ತಂತ್ರಾಂಶದಲ್ಲಿ ನೋಂದಾಯಿಸಿದ ರೈತರಿಂದ ಮಾತ್ರ ಖರೀದಿಸಲಾಗುವುದು. ಕೇಂದ್ರ ಸರಕಾರದ ಬೆಂಬಲ ಬೆಲೆ ಯೋಜನೆಯ ಮಾರ್ಗಸೂಚಿಗಳನ್ವಯ ರೈತರಿಂದ ನೇರವಾಗಿ ಖರೀದಿಸಿ ಹಣವನ್ನು ಅವರ ಬ್ಯಾಂಕ್ ಖಾತೆಗೆ ಜಮಾ ಮಾಡಲಾಗುವುದು. ಹೆಚ್ಚಿನ ಮಾಹಿತಿಗಾಗಿ ಕೃಷಿ ಉತ್ಪನ್ನ ಮಾರುಕಟ್ಟೆ ಸಮಿತಿ ಕಚೇರಿ ಸಂಪರ್ಕಿಸಬಹುದು. ಮೊ: 7892095176 ಎಂದು ಜಿಲ್ಲಾಧಿಕಾರಿಗಳು ತಿಳಿಸಿದ್ದಾರೆ.
